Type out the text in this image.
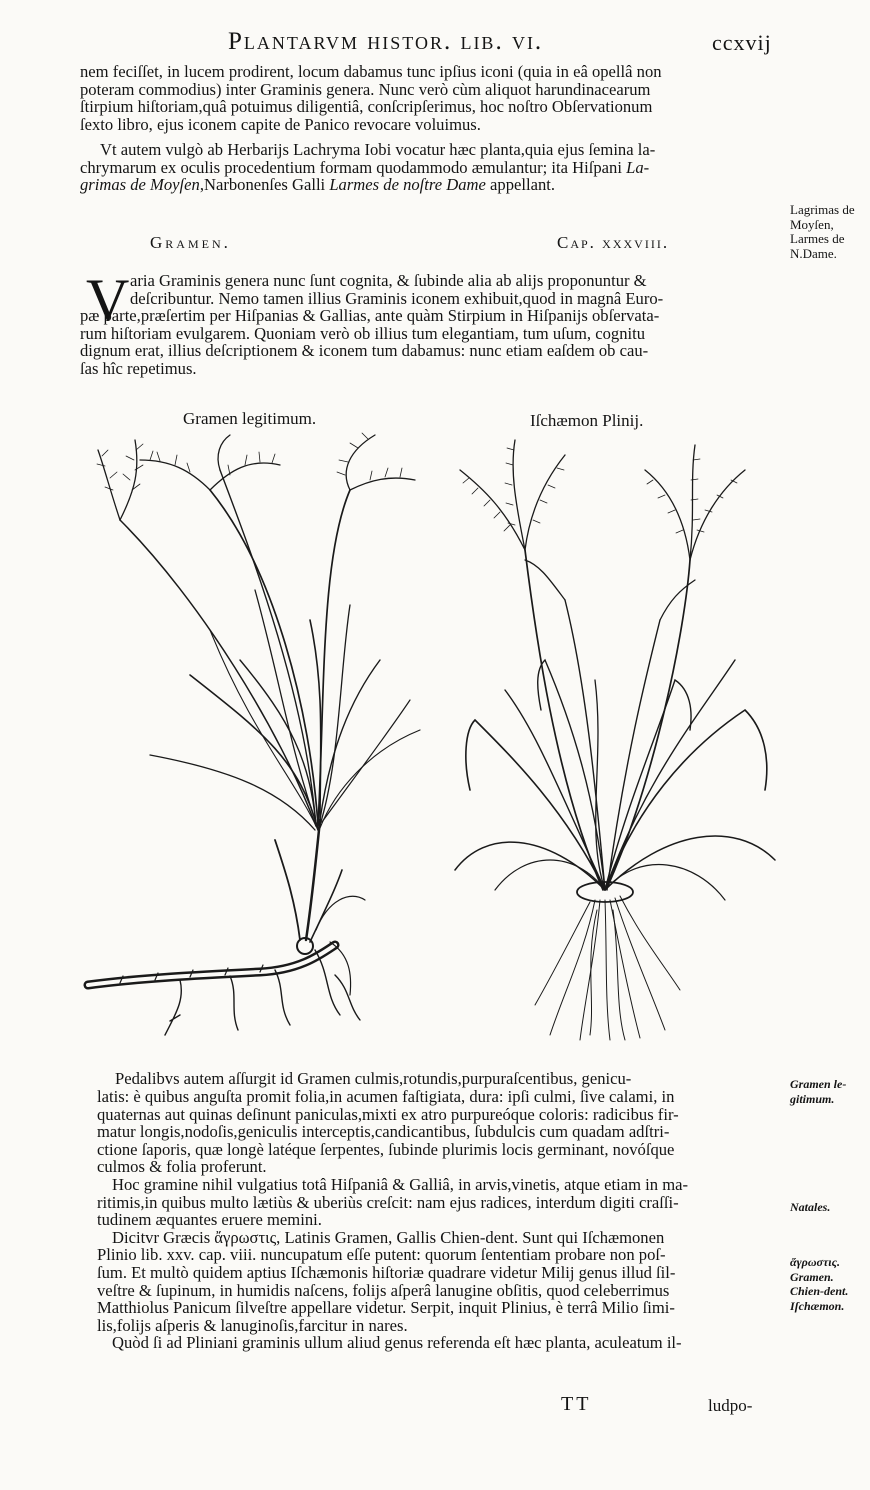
Plantarvm histor. lib. vi.	ccxvij
nem feciſſet, in lucem prodirent, locum dabamus tunc ipſius iconi (quia in eâ opellâ non
poteram commodius) inter Graminis genera. Nunc verò cùm aliquot harundinacearum
ſtirpium hiſtoriam,quâ potuimus diligentiâ, conſcripſerimus, hoc noſtro Obſervationum
ſexto libro, ejus iconem capite de Panico revocare voluimus.
Vt autem vulgò ab Herbarijs Lachryma Iobi vocatur hæc planta,quia ejus ſemina la-
chrymarum ex oculis procedentium formam quodammodo æmulantur; ita Hiſpani La-
grimas de Moyſen,Narbonenſes Galli Larmes de noſtre Dame appellant.
Lagrimas de
Moyſen,
Larmes de
N.Dame.
Gramen.	Cap. xxxviii.
V aria Graminis genera nunc ſunt cognita, & ſubinde alia ab alijs proponuntur &
deſcribuntur. Nemo tamen illius Graminis iconem exhibuit,quod in magnâ Euro-
pæ parte,præſertim per Hiſpanias & Gallias, ante quàm Stirpium in Hiſpanijs obſervata-
rum hiſtoriam evulgarem. Quoniam verò ob illius tum elegantiam, tum uſum, cognitu
dignum erat, illius deſcriptionem & iconem tum dabamus: nunc etiam eaſdem ob cau-
ſas hîc repetimus.
Gramen legitimum.	Iſchæmon Plinij.
Pedalibvs autem aſſurgit id Gramen culmis,rotundis,purpuraſcentibus, genicu-
latis: è quibus anguſta promit folia,in acumen faſtigiata, dura: ipſi culmi, ſive calami, in
quaternas aut quinas deſinunt paniculas,mixti ex atro purpureóque coloris: radicibus fir-
matur longis,nodoſis,geniculis interceptis,candicantibus, ſubdulcis cum quadam adſtri-
ctione ſaporis, quæ longè latéque ſerpentes, ſubinde plurimis locis germinant, novóſque
culmos & folia proferunt.
Hoc gramine nihil vulgatius totâ Hiſpaniâ & Galliâ, in arvis,vinetis, atque etiam in ma-
ritimis,in quibus multo lætiùs & uberiùs creſcit: nam ejus radices, interdum digiti craſſi-
tudinem æquantes eruere memini.
Dicitvr Græcis ἄγρωστις, Latinis Gramen, Gallis Chien-dent. Sunt qui Iſchæmonen
Plinio lib. xxv. cap. viii. nuncupatum eſſe putent: quorum ſententiam probare non poſ-
ſum. Et multò quidem aptius Iſchæmonis hiſtoriæ quadrare videtur Milij genus illud ſil-
veſtre & ſupinum, in humidis naſcens, folijs aſperâ lanugine obſitis, quod celeberrimus
Matthiolus Panicum ſilveſtre appellare videtur. Serpit, inquit Plinius, è terrâ Milio ſimi-
lis,folijs aſperis & lanuginoſis,farcitur in nares.
Quòd ſi ad Pliniani graminis ullum aliud genus referenda eſt hæc planta, aculeatum il-
Gramen le-
gitimum.
Natales.
ἄγρωστις.
Gramen.
Chien-dent.
Iſchæmon.
TT	ludpo-
